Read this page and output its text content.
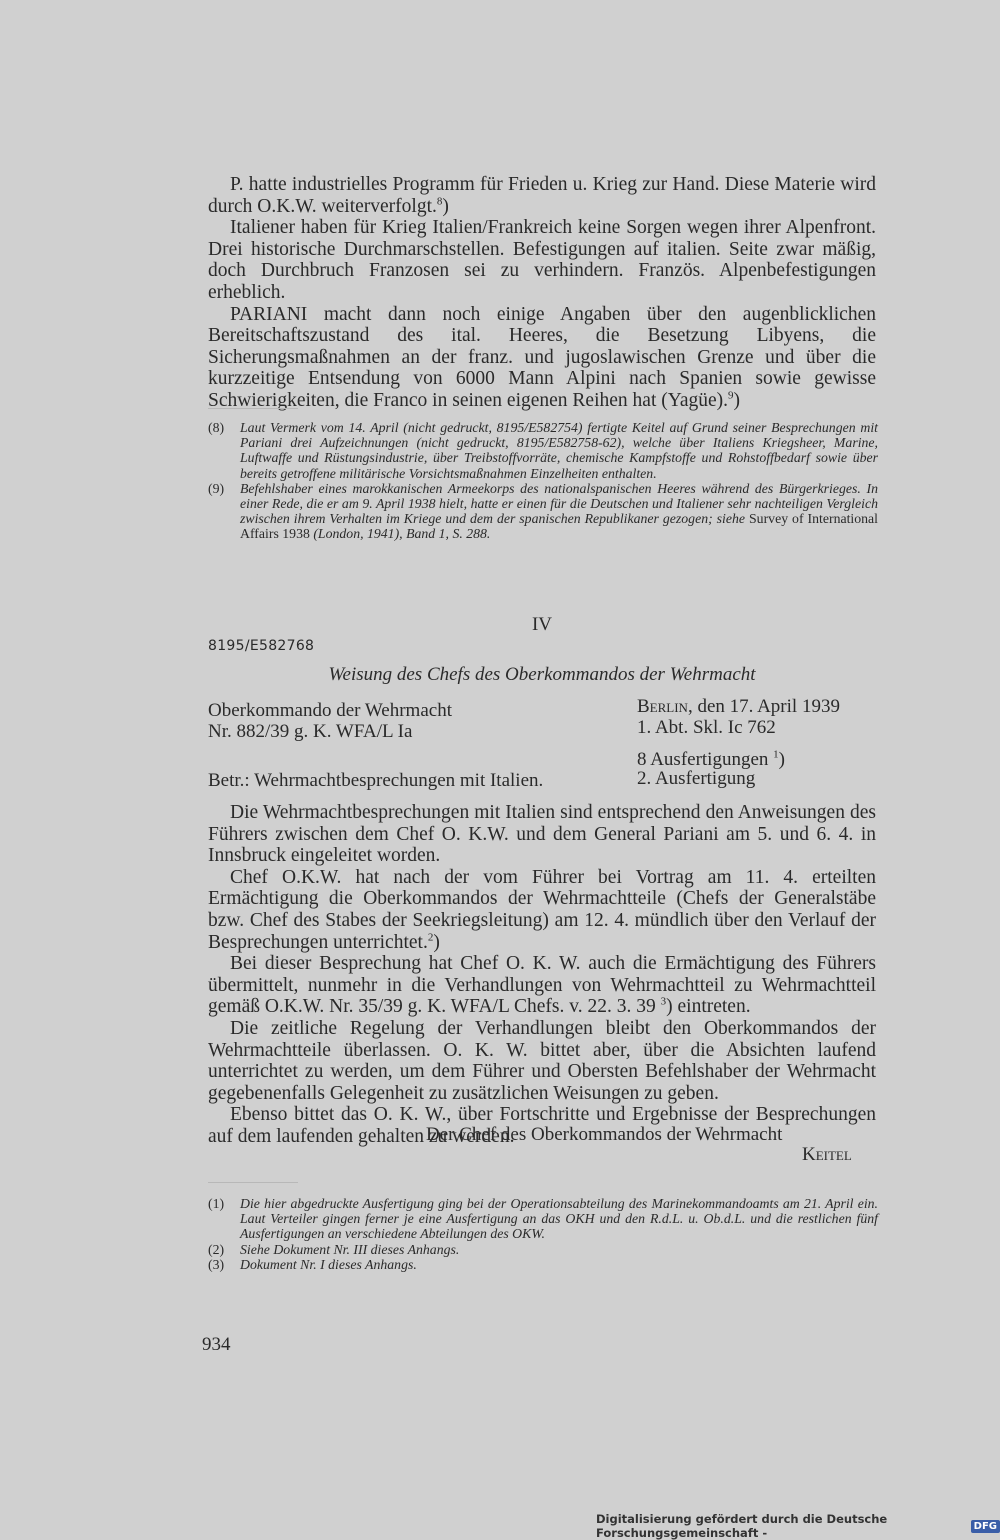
P. hatte industrielles Programm für Frieden u. Krieg zur Hand. Diese Materie wird durch O.K.W. weiterverfolgt.$^8$)

Italiener haben für Krieg Italien/Frankreich keine Sorgen wegen ihrer Alpenfront. Drei historische Durchmarschstellen. Befestigungen auf italien. Seite zwar mäßig, doch Durchbruch Franzosen sei zu verhindern. Französ. Alpenbefestigungen erheblich.

PARIANI macht dann noch einige Angaben über den augenblicklichen Bereitschaftszustand des ital. Heeres, die Besetzung Libyens, die Sicherungsmaßnahmen an der franz. und jugoslawischen Grenze und über die kurzzeitige Entsendung von 6000 Mann Alpini nach Spanien sowie gewisse Schwierigkeiten, die Franco in seinen eigenen Reihen hat (Yagüe).$^9$)

(8) Laut Vermerk vom 14. April (nicht gedruckt, 8195/E582754) fertigte Keitel auf Grund seiner Besprechungen mit Pariani drei Aufzeichnungen (nicht gedruckt, 8195/E582758-62), welche über Italiens Kriegsheer, Marine, Luftwaffe und Rüstungsindustrie, über Treibstoffvorräte, chemische Kampfstoffe und Rohstoffbedarf sowie über bereits getroffene militärische Vorsichtsmaßnahmen Einzelheiten enthalten.
(9) Befehlshaber eines marokkanischen Armeekorps des nationalspanischen Heeres während des Bürgerkrieges. In einer Rede, die er am 9. April 1938 hielt, hatte er einen für die Deutschen und Italiener sehr nachteiligen Vergleich zwischen ihrem Verhalten im Kriege und dem der spanischen Republikaner gezogen; siehe Survey of International Affairs 1938 (London, 1941), Band 1, S. 288.
IV
8195/E582768
Weisung des Chefs des Oberkommandos der Wehrmacht
Oberkommando der Wehrmacht
Nr. 882/39 g. K. WFA/L Ia
Berlin, den 17. April 1939
1. Abt. Skl. Ic 762
8 Ausfertigungen $^1$)
Betr.: Wehrmachtbesprechungen mit Italien.	2. Ausfertigung

Die Wehrmachtbesprechungen mit Italien sind entsprechend den Anweisungen des Führers zwischen dem Chef O. K.W. und dem General Pariani am 5. und 6. 4. in Innsbruck eingeleitet worden.

Chef O.K.W. hat nach der vom Führer bei Vortrag am 11. 4. erteilten Ermächtigung die Oberkommandos der Wehrmachtteile (Chefs der Generalstäbe bzw. Chef des Stabes der Seekriegsleitung) am 12. 4. mündlich über den Verlauf der Besprechungen unterrichtet.$^2$)

Bei dieser Besprechung hat Chef O. K. W. auch die Ermächtigung des Führers übermittelt, nunmehr in die Verhandlungen von Wehrmachtteil zu Wehrmachtteil gemäß O.K.W. Nr. 35/39 g. K. WFA/L Chefs. v. 22. 3. 39 $^3$) eintreten.

Die zeitliche Regelung der Verhandlungen bleibt den Oberkommandos der Wehrmachtteile überlassen. O. K. W. bittet aber, über die Absichten laufend unterrichtet zu werden, um dem Führer und Obersten Befehlshaber der Wehrmacht gegebenenfalls Gelegenheit zu zusätzlichen Weisungen zu geben.

Ebenso bittet das O. K. W., über Fortschritte und Ergebnisse der Besprechungen auf dem laufenden gehalten zu werden.

Der Chef des Oberkommandos der Wehrmacht
Keitel
(1) Die hier abgedruckte Ausfertigung ging bei der Operationsabteilung des Marinekommandoamts am 21. April ein. Laut Verteiler gingen ferner je eine Ausfertigung an das OKH und den R.d.L. u. Ob.d.L. und die restlichen fünf Ausfertigungen an verschiedene Abteilungen des OKW.
(2) Siehe Dokument Nr. III dieses Anhangs.
(3) Dokument Nr. I dieses Anhangs.
934
Digitalisierung gefördert durch die Deutsche Forschungsgemeinschaft -	DFG
